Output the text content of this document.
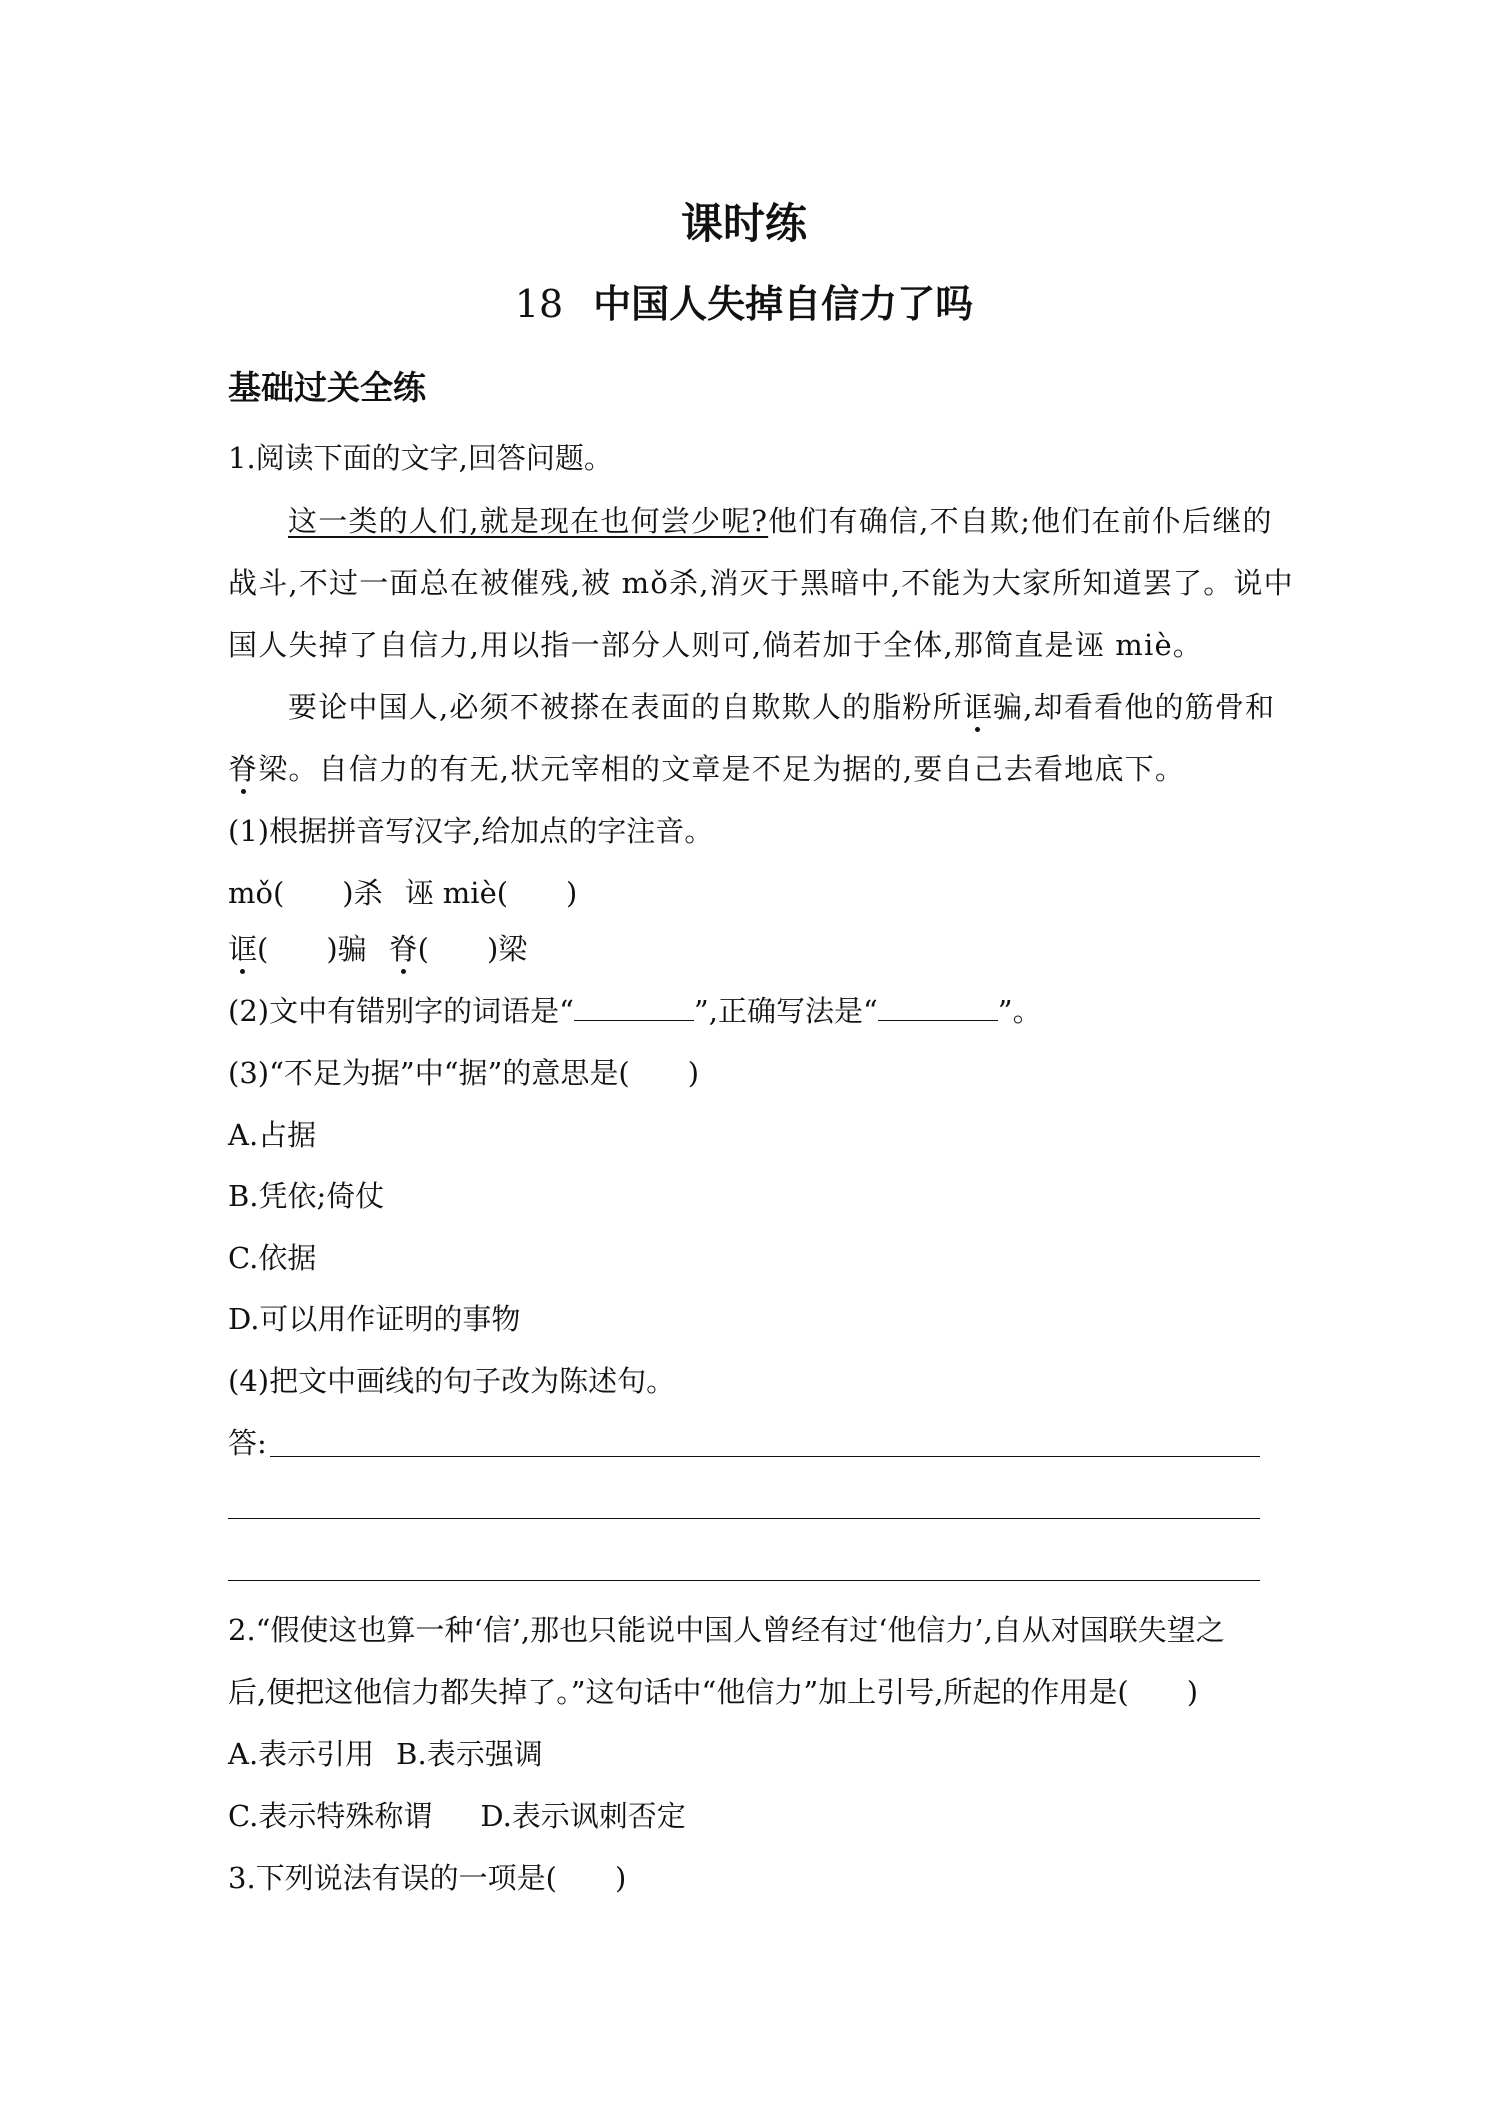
课时练
18 中国人失掉自信力了吗
基础过关全练
1.阅读下面的文字,回答问题。
这一类的人们,就是现在也何尝少呢?他们有确信,不自欺;他们在前仆后继的
战斗,不过一面总在被催残,被 mǒ杀,消灭于黑暗中,不能为大家所知道罢了。说中
国人失掉了自信力,用以指一部分人则可,倘若加于全体,那简直是诬 miè。
要论中国人,必须不被搽在表面的自欺欺人的脂粉所诓骗,却看看他的筋骨和
脊梁。自信力的有无,状元宰相的文章是不足为据的,要自己去看地底下。
(1)根据拼音写汉字,给加点的字注音。
mǒ(　　)杀 诬 miè(　　)
诓(　　)骗 脊(　　)梁
(2)文中有错别字的词语是“	”,正确写法是“	”。
(3)“不足为据”中“据”的意思是(　　)
A.占据
B.凭依;倚仗
C.依据
D.可以用作证明的事物
(4)把文中画线的句子改为陈述句。
答:
2.“假使这也算一种‘信’,那也只能说中国人曾经有过‘他信力’,自从对国联失望之
后,便把这他信力都失掉了。”这句话中“他信力”加上引号,所起的作用是(　　)
A.表示引用 B.表示强调
C.表示特殊称谓 D.表示讽刺否定
3.下列说法有误的一项是(　　)
